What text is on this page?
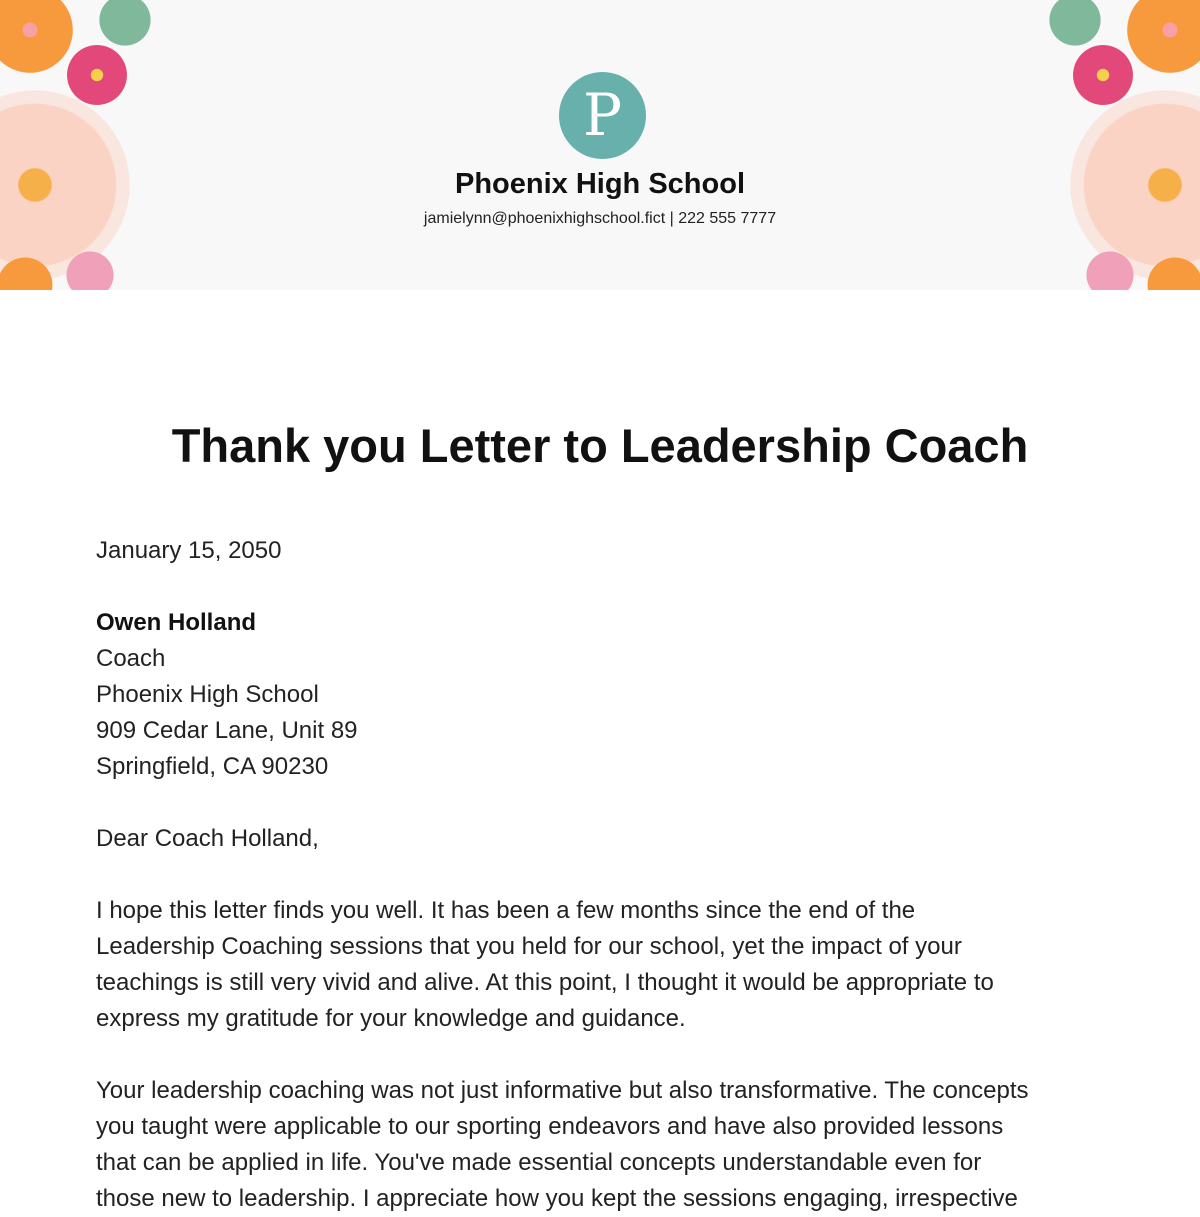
P
Phoenix High School
jamielynn@phoenixhighschool.fict | 222 555 7777
Thank you Letter to Leadership Coach
January 15, 2050
Owen Holland
Coach
Phoenix High School
909 Cedar Lane, Unit 89
Springfield, CA 90230
Dear Coach Holland,
I hope this letter finds you well. It has been a few months since the end of the
Leadership Coaching sessions that you held for our school, yet the impact of your
teachings is still very vivid and alive. At this point, I thought it would be appropriate to
express my gratitude for your knowledge and guidance.
Your leadership coaching was not just informative but also transformative. The concepts
you taught were applicable to our sporting endeavors and have also provided lessons
that can be applied in life. You've made essential concepts understandable even for
those new to leadership. I appreciate how you kept the sessions engaging, irrespective
